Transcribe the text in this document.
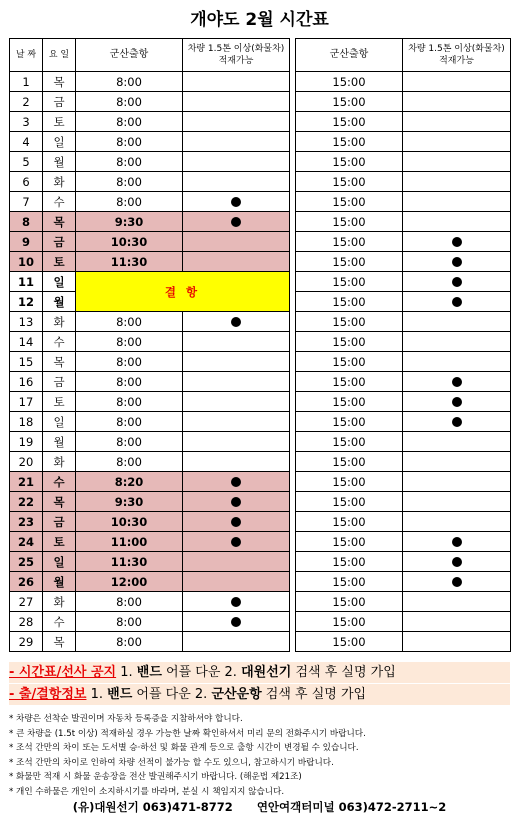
개야도 2월 시간표
날 짜	요 일	군산출항	차량 1.5톤 이상(화물차)
적재가능		군산출항	차량 1.5톤 이상(화물차)
적재가능
1	목	8:00			15:00	
2	금	8:00			15:00	
3	토	8:00			15:00	
4	일	8:00			15:00	
5	월	8:00			15:00	
6	화	8:00			15:00	
7	수	8:00			15:00	
8	목	9:30			15:00	
9	금	10:30			15:00	
10	토	11:30			15:00	
11	일	결 항			15:00	
12	월				15:00	
13	화	8:00			15:00	
14	수	8:00			15:00	
15	목	8:00			15:00	
16	금	8:00			15:00	
17	토	8:00			15:00	
18	일	8:00			15:00	
19	월	8:00			15:00	
20	화	8:00			15:00	
21	수	8:20			15:00	
22	목	9:30			15:00	
23	금	10:30			15:00	
24	토	11:00			15:00	
25	일	11:30			15:00	
26	월	12:00			15:00	
27	화	8:00			15:00	
28	수	8:00			15:00	
29	목	8:00			15:00	
- 시간표/선사 공지 1. 밴드 어플 다운 2. 대원선기 검색 후 실명 가입
- 출/결항정보 1. 밴드 어플 다운 2. 군산운항 검색 후 실명 가입
* 차량은 선착순 발권이며 자동차 등록증을 지참하셔야 합니다.
* 큰 차량을 (1.5t 이상) 적재하실 경우 가능한 날짜 확인하셔서 미리 문의 전화주시기 바랍니다.
* 조석 간만의 차이 또는 도서별 승·하선 및 화물 관계 등으로 출항 시간이 변경될 수 있습니다.
* 조석 간만의 차이로 인하여 차량 선적이 불가능 할 수도 있으니, 참고하시기 바랍니다.
* 화물만 적재 시 화물 운송장을 전산 발권해주시기 바랍니다. (해운법 제21조)
* 개인 수하물은 개인이 소지하시기를 바라며, 분실 시 책임지지 않습니다.
(유)대원선기 063)471-8772 연안여객터미널 063)472-2711~2
